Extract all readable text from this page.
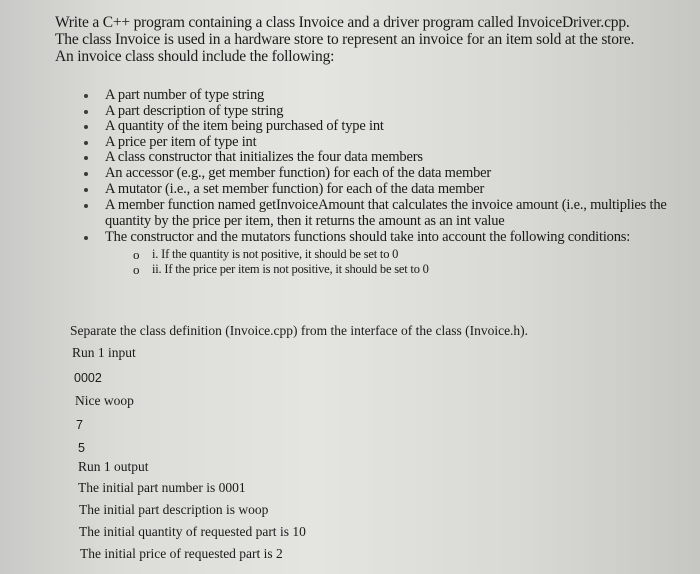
Write a C++ program containing a class Invoice and a driver program called InvoiceDriver.cpp.
The class Invoice is used in a hardware store to represent an invoice for an item sold at the store.
An invoice class should include the following:
A part number of type string
A part description of type string
A quantity of the item being purchased of type int
A price per item of type int
A class constructor that initializes the four data members
An accessor (e.g., get member function) for each of the data member
A mutator (i.e., a set member function) for each of the data member
A member function named getInvoiceAmount that calculates the invoice amount (i.e., multiplies the quantity by the price per item, then it returns the amount as an int value
The constructor and the mutators functions should take into account the following conditions:
o i. If the quantity is not positive, it should be set to 0
o ii. If the price per item is not positive, it should be set to 0
Separate the class definition (Invoice.cpp) from the interface of the class (Invoice.h).
Run 1 input
0002
Nice woop
7
5
Run 1 output
The initial part number is 0001
The initial part description is woop
The initial quantity of requested part is 10
The initial price of requested part is 2
